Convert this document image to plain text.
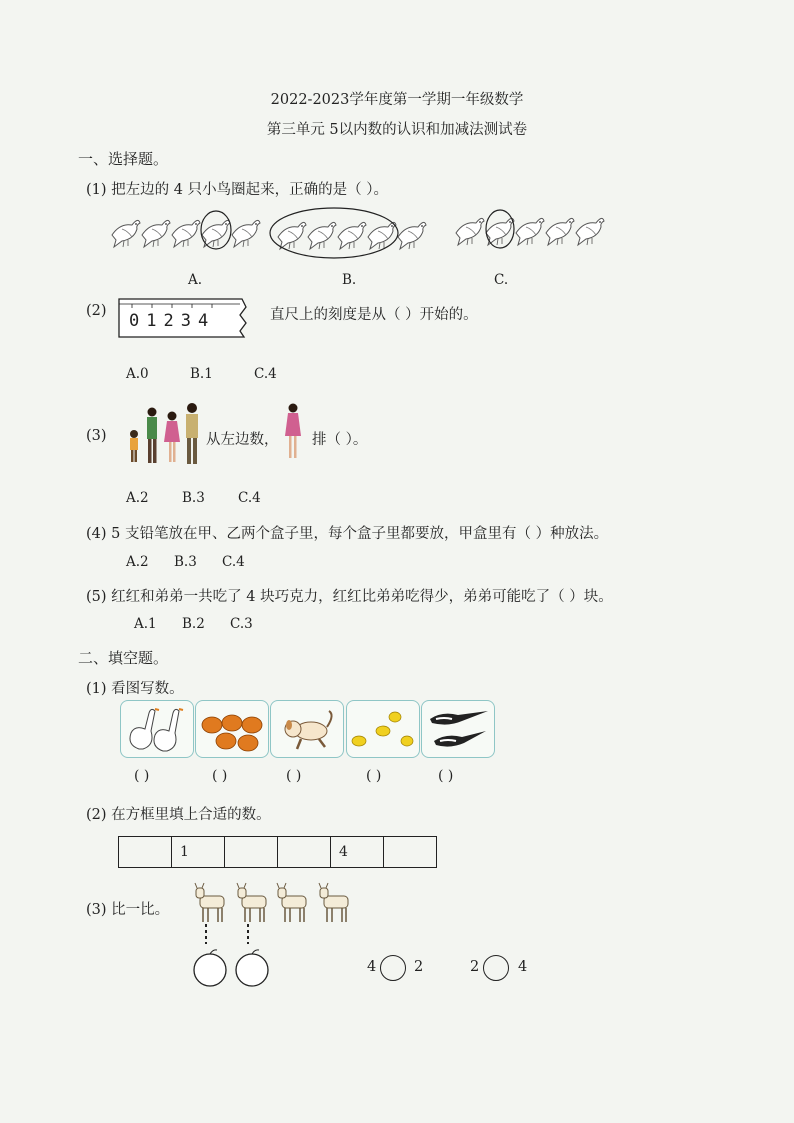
2022-2023学年度第一学期一年级数学
第三单元 5以内数的认识和加减法测试卷
一、选择题。
(1) 把左边的 4 只小鸟圈起来，正确的是（ ）。
A.	B.	C.
(2) 01234	直尺上的刻度是从（ ）开始的。
A.0	B.1	C.4
(3)	从左边数， 排（ ）。
A.2 B.3 C.4
(4) 5 支铅笔放在甲、乙两个盒子里，每个盒子里都要放，甲盒里有（ ）种放法。
A.2 B.3 C.4
(5) 红红和弟弟一共吃了 4 块巧克力，红红比弟弟吃得少，弟弟可能吃了（ ）块。
A.1 B.2 C.3
二、填空题。
(1) 看图写数。
( )	( )	( )	( )	( )
(2) 在方框里填上合适的数。
	1			4	
(3) 比一比。
4	2	2	4
